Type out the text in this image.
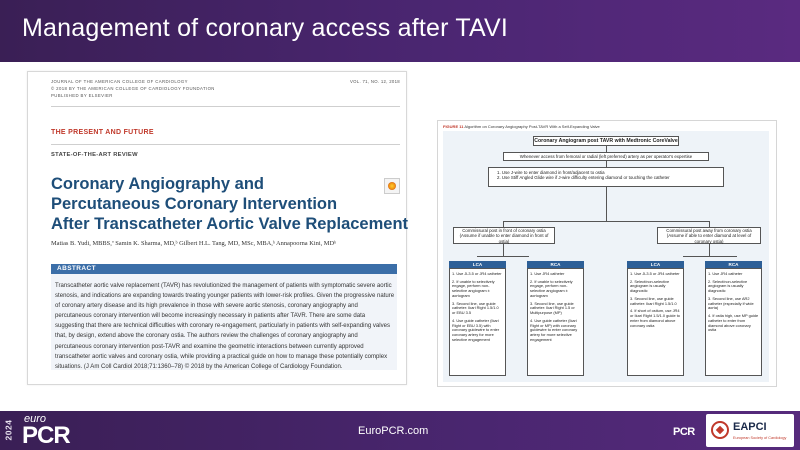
Management of coronary access after TAVI
JOURNAL OF THE AMERICAN COLLEGE OF CARDIOLOGY	VOL. 71, NO. 12, 2018
© 2018 BY THE AMERICAN COLLEGE OF CARDIOLOGY FOUNDATION
PUBLISHED BY ELSEVIER
THE PRESENT AND FUTURE
STATE-OF-THE-ART REVIEW
Coronary Angiography and
Percutaneous Coronary Intervention
After Transcatheter Aortic Valve Replacement
Matias B. Yudi, MBBS,ª Samin K. Sharma, MD,ᵇ Gilbert H.L. Tang, MD, MSc, MBA,ᵇ Annapoorna Kini, MDᵇ
ABSTRACT
Transcatheter aortic valve replacement (TAVR) has revolutionized the management of patients with symptomatic severe aortic stenosis, and indications are expanding towards treating younger patients with lower-risk profiles. Given the progressive nature of coronary artery disease and its high prevalence in those with severe aortic stenosis, coronary angiography and percutaneous coronary intervention will become increasingly necessary in patients after TAVR. There are some data suggesting that there are technical difficulties with coronary re-engagement, particularly in patients with self-expanding valves that, by design, extend above the coronary ostia. The authors review the challenges of coronary angiography and percutaneous coronary intervention post-TAVR and examine the geometric interactions between currently approved transcatheter aortic valves and coronary ostia, while providing a practical guide on how to manage these potentially complex situations. (J Am Coll Cardiol 2018;71:1360–78) © 2018 by the American College of Cardiology Foundation.
FIGURE 11 Algorithm on Coronary Angiography Post-TAVR With a Self-Expanding Valve
Coronary Angiogram post TAVR with Medtronic CoreValve
Whenever access from femoral or radial (left preferred) artery as per operator's expertise
1. Use J-wire to enter diamond in front/adjacent to ostia
2. Use Stiff Angled Glide wire if J-wire difficulty entering diamond or touching the catheter
Commissural post in front of coronary ostia (Assume if unable to enter diamond in front of ostia)
Commissural post away from coronary ostia (Assume if able to enter diamond at level of coronary ostia)
LCA
1. Use JL3.5 or JR4 catheter
2. If unable to selectively engage, perform non-selective angiogram ± aortogram
3. Second line, use guide catheter: Ikari Right 1.5/1.0 or EBU 3.5
4. Use guide catheter (Ikari Right or EBU 3.5) with coronary guidewire to enter coronary artery for more selective engagement
RCA
1. Use JR4 catheter
2. If unable to selectively engage, perform non-selective angiogram ± aortogram
3. Second line, use guide catheter: Ikari Right 1.5 or Multipurpose (MP)
4. Use guide catheter (Ikari Right or MP) with coronary guidewire to enter coronary artery for more selective engagement
LCA
1. Use JL3.5 or JR4 catheter
2. Select/non-selective angiogram is usually diagnostic
3. Second line, use guide catheter: Ikari Right 1.5/1.0
4. If short of ostium, use JR4 or Ikari Right 1.5/1.0 guide to enter from diamond above coronary ostia
RCA
1. Use JR4 catheter
2. Select/non-selective angiogram is usually diagnostic
3. Second line, use AR2 catheter (especially if wide aorta)
4. If ostia high, use MP guide catheter to enter from diamond above coronary ostia
2024
euro
PCR	EuroPCR.com	PCR	EAPCI
European Society of Cardiology
